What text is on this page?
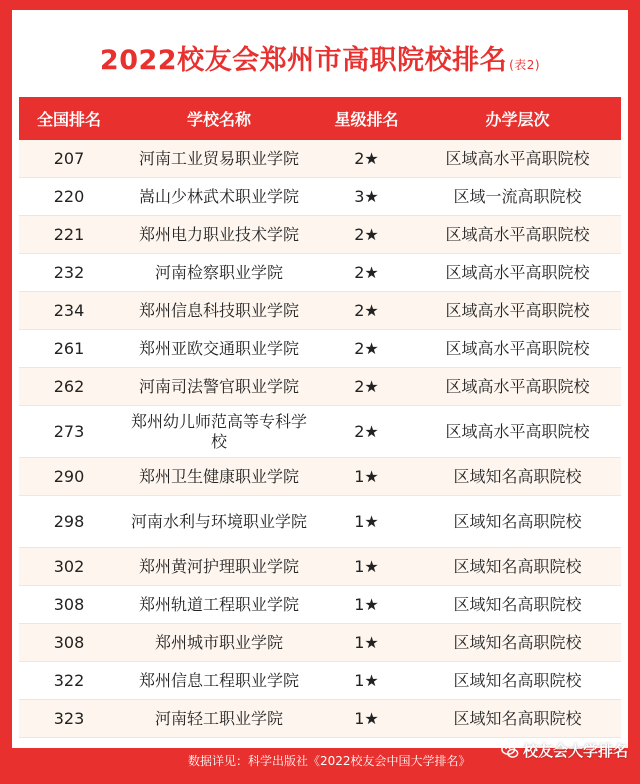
2022校友会郑州市高职院校排名 (表2)
全国排名	学校名称	星级排名	办学层次
207	河南工业贸易职业学院	2★	区域高水平高职院校
220	嵩山少林武术职业学院	3★	区域一流高职院校
221	郑州电力职业技术学院	2★	区域高水平高职院校
232	河南检察职业学院	2★	区域高水平高职院校
234	郑州信息科技职业学院	2★	区域高水平高职院校
261	郑州亚欧交通职业学院	2★	区域高水平高职院校
262	河南司法警官职业学院	2★	区域高水平高职院校
273	郑州幼儿师范高等专科学校	2★	区域高水平高职院校
290	郑州卫生健康职业学院	1★	区域知名高职院校
298	河南水利与环境职业学院	1★	区域知名高职院校
302	郑州黄河护理职业学院	1★	区域知名高职院校
308	郑州轨道工程职业学院	1★	区域知名高职院校
308	郑州城市职业学院	1★	区域知名高职院校
322	郑州信息工程职业学院	1★	区域知名高职院校
323	河南轻工职业学院	1★	区域知名高职院校
数据详见：科学出版社《2022校友会中国大学排名》
校友会大学排名
